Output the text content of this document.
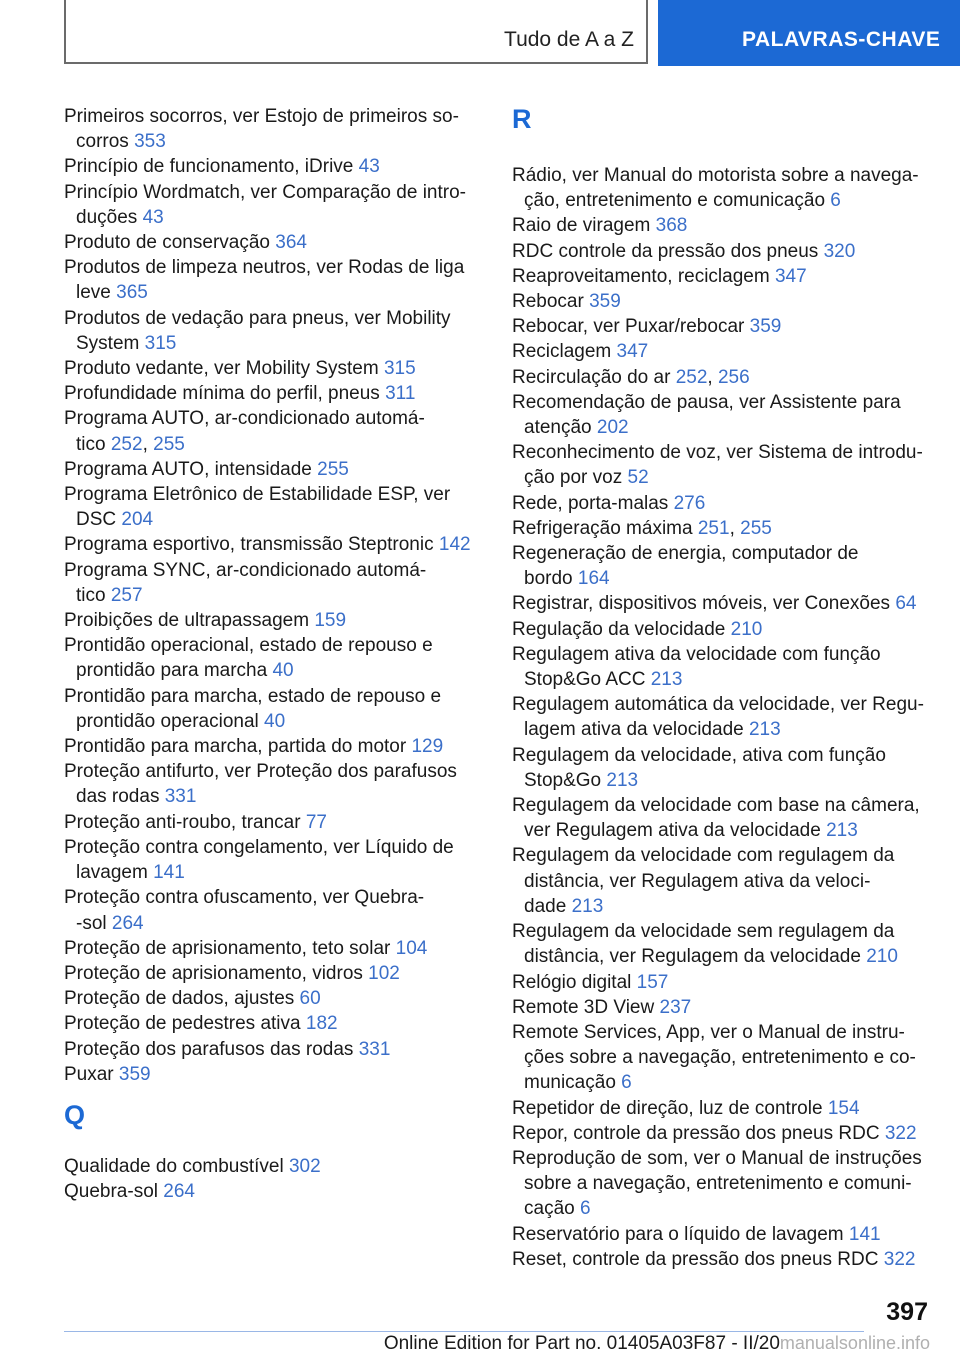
Tudo de A a Z	PALAVRAS-CHAVE
Primeiros socorros, ver Estojo de primeiros so-
corros 353
Princípio de funcionamento, iDrive 43
Princípio Wordmatch, ver Comparação de intro-
duções 43
Produto de conservação 364
Produtos de limpeza neutros, ver Rodas de liga
leve 365
Produtos de vedação para pneus, ver Mobility
System 315
Produto vedante, ver Mobility System 315
Profundidade mínima do perfil, pneus 311
Programa AUTO, ar-condicionado automá-
tico 252, 255
Programa AUTO, intensidade 255
Programa Eletrônico de Estabilidade ESP, ver
DSC 204
Programa esportivo, transmissão Steptronic 142
Programa SYNC, ar-condicionado automá-
tico 257
Proibições de ultrapassagem 159
Prontidão operacional, estado de repouso e
prontidão para marcha 40
Prontidão para marcha, estado de repouso e
prontidão operacional 40
Prontidão para marcha, partida do motor 129
Proteção antifurto, ver Proteção dos parafusos
das rodas 331
Proteção anti-roubo, trancar 77
Proteção contra congelamento, ver Líquido de
lavagem 141
Proteção contra ofuscamento, ver Quebra-
-sol 264
Proteção de aprisionamento, teto solar 104
Proteção de aprisionamento, vidros 102
Proteção de dados, ajustes 60
Proteção de pedestres ativa 182
Proteção dos parafusos das rodas 331
Puxar 359
Q
Qualidade do combustível 302
Quebra-sol 264
R
Rádio, ver Manual do motorista sobre a navega-
ção, entretenimento e comunicação 6
Raio de viragem 368
RDC controle da pressão dos pneus 320
Reaproveitamento, reciclagem 347
Rebocar 359
Rebocar, ver Puxar/rebocar 359
Reciclagem 347
Recirculação do ar 252, 256
Recomendação de pausa, ver Assistente para
atenção 202
Reconhecimento de voz, ver Sistema de introdu-
ção por voz 52
Rede, porta-malas 276
Refrigeração máxima 251, 255
Regeneração de energia, computador de
bordo 164
Registrar, dispositivos móveis, ver Conexões 64
Regulação da velocidade 210
Regulagem ativa da velocidade com função
Stop&Go ACC 213
Regulagem automática da velocidade, ver Regu-
lagem ativa da velocidade 213
Regulagem da velocidade, ativa com função
Stop&Go 213
Regulagem da velocidade com base na câmera,
ver Regulagem ativa da velocidade 213
Regulagem da velocidade com regulagem da
distância, ver Regulagem ativa da veloci-
dade 213
Regulagem da velocidade sem regulagem da
distância, ver Regulagem da velocidade 210
Relógio digital 157
Remote 3D View 237
Remote Services, App, ver o Manual de instru-
ções sobre a navegação, entretenimento e co-
municação 6
Repetidor de direção, luz de controle 154
Repor, controle da pressão dos pneus RDC 322
Reprodução de som, ver o Manual de instruções
sobre a navegação, entretenimento e comuni-
cação 6
Reservatório para o líquido de lavagem 141
Reset, controle da pressão dos pneus RDC 322
397
Online Edition for Part no. 01405A03F87 - II/20manualsonline.info
